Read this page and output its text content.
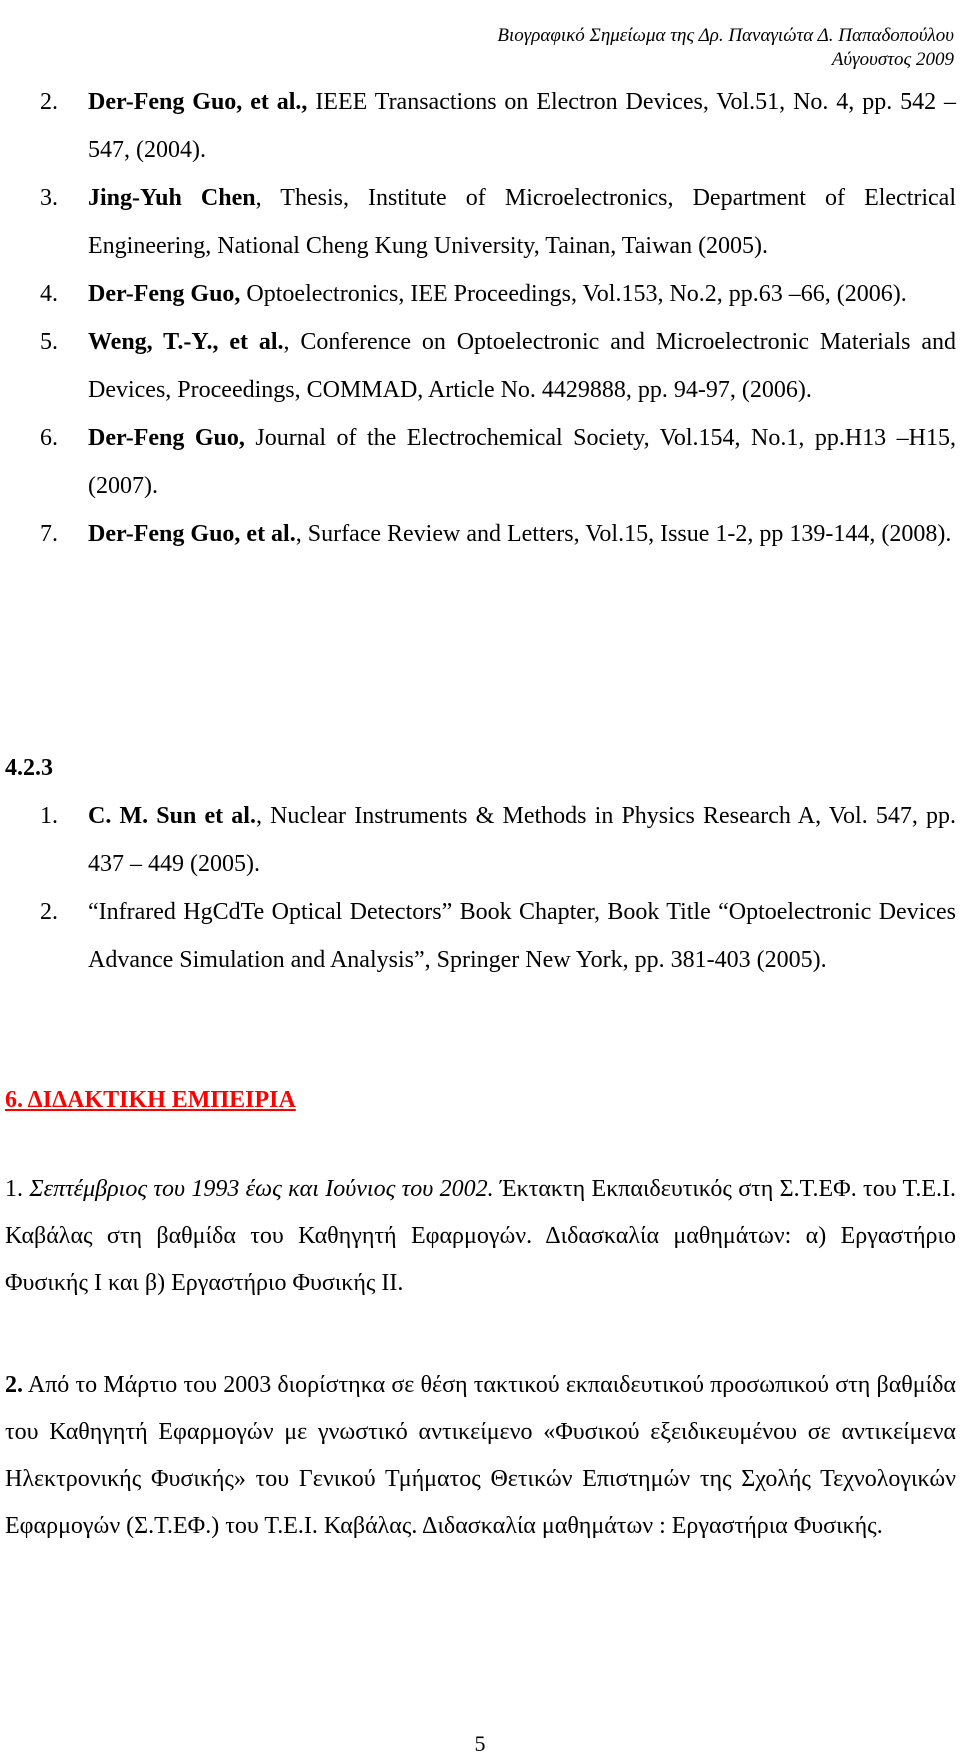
Βιογραφικό Σημείωμα της Δρ. Παναγιώτα Δ. Παπαδοπούλου
Αύγουστος 2009

2. Der-Feng Guo, et al., IEEE Transactions on Electron Devices, Vol.51, No. 4, pp. 542 – 547, (2004).

3. Jing-Yuh Chen, Thesis, Institute of Microelectronics, Department of Electrical Engineering, National Cheng Kung University, Tainan, Taiwan (2005).

4. Der-Feng Guo, Optoelectronics, IEE Proceedings, Vol.153, No.2, pp.63 –66, (2006).

5. Weng, T.-Y., et al., Conference on Optoelectronic and Microelectronic Materials and Devices, Proceedings, COMMAD, Article No. 4429888, pp. 94-97, (2006).

6. Der-Feng Guo, Journal of the Electrochemical Society, Vol.154, No.1, pp.H13 –H15, (2007).

7. Der-Feng Guo, et al., Surface Review and Letters, Vol.15, Issue 1-2, pp 139-144, (2008).

4.2.3

1. C. M. Sun et al., Nuclear Instruments & Methods in Physics Research A, Vol. 547, pp. 437 – 449 (2005).

2. “Infrared HgCdTe Optical Detectors” Book Chapter, Book Title “Optoelectronic Devices Advance Simulation and Analysis”, Springer New York, pp. 381-403 (2005).

6. ΔΙΔΑΚΤΙΚΗ ΕΜΠΕΙΡΙΑ

1. Σεπτέμβριος του 1993 έως και Ιούνιος του 2002. Έκτακτη Εκπαιδευτικός στη Σ.Τ.ΕΦ. του Τ.Ε.Ι. Καβάλας στη βαθμίδα του Καθηγητή Εφαρμογών. Διδασκαλία μαθημάτων: α) Εργαστήριο Φυσικής Ι και β) Εργαστήριο Φυσικής ΙΙ.

2. Από το Μάρτιο του 2003 διορίστηκα σε θέση τακτικού εκπαιδευτικού προσωπικού στη βαθμίδα του Καθηγητή Εφαρμογών με γνωστικό αντικείμενο «Φυσικού εξειδικευμένου σε αντικείμενα Ηλεκτρονικής Φυσικής» του Γενικού Τμήματος Θετικών Επιστημών της Σχολής Τεχνολογικών Εφαρμογών (Σ.Τ.ΕΦ.) του Τ.Ε.Ι. Καβάλας. Διδασκαλία μαθημάτων : Εργαστήρια Φυσικής.

5
